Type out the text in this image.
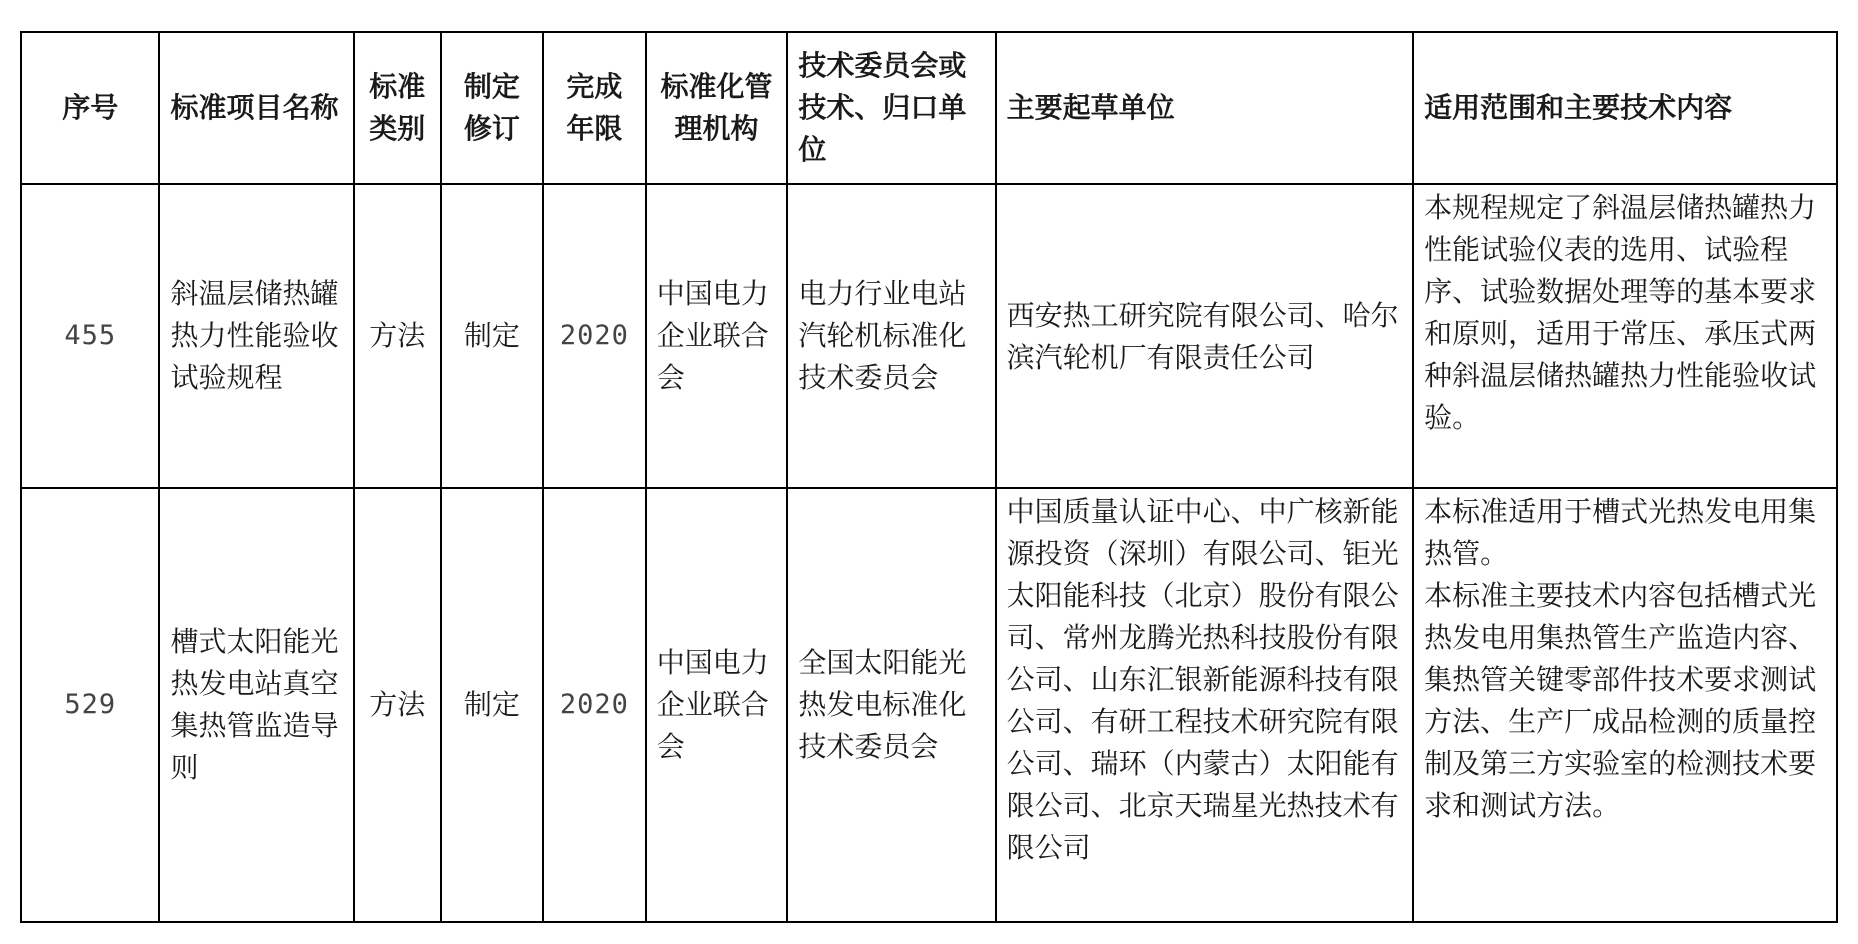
序号	标准项目名称	标准类别	制定修订	完成年限	标准化管理机构	技术委员会或技术、归口单位	主要起草单位	适用范围和主要技术内容
455	斜温层储热罐热力性能验收试验规程	方法	制定	2020	中国电力企业联合会	电力行业电站汽轮机标准化技术委员会	西安热工研究院有限公司、哈尔滨汽轮机厂有限责任公司	本规程规定了斜温层储热罐热力性能试验仪表的选用、试验程序、试验数据处理等的基本要求和原则，适用于常压、承压式两种斜温层储热罐热力性能验收试验。

529	槽式太阳能光热发电站真空集热管监造导则	方法	制定	2020	中国电力企业联合会	全国太阳能光热发电标准化技术委员会	中国质量认证中心、中广核新能源投资（深圳）有限公司、钜光太阳能科技（北京）股份有限公司、常州龙腾光热科技股份有限公司、山东汇银新能源科技有限公司、有研工程技术研究院有限公司、瑞环（内蒙古）太阳能有限公司、北京天瑞星光热技术有限公司	本标准适用于槽式光热发电用集热管。
本标准主要技术内容包括槽式光热发电用集热管生产监造内容、集热管关键零部件技术要求测试方法、生产厂成品检测的质量控制及第三方实验室的检测技术要求和测试方法。
